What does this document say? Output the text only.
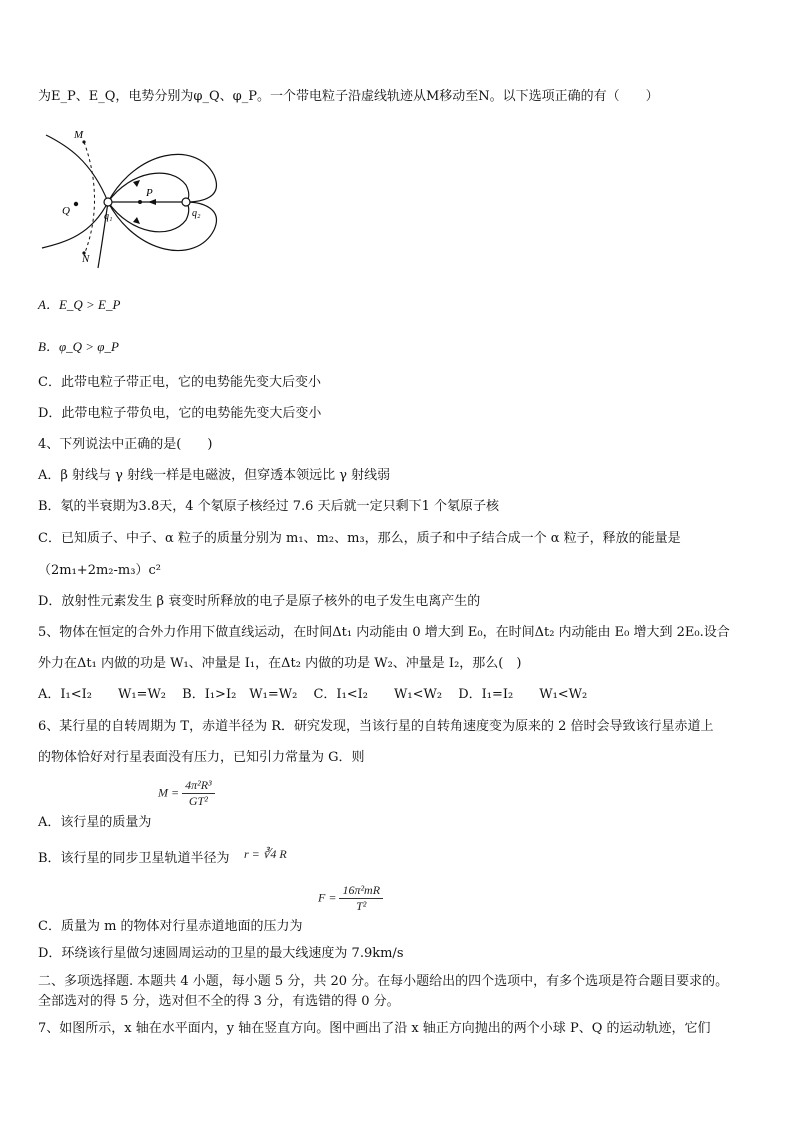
为E_P、E_Q，电势分别为φ_Q、φ_P。一个带电粒子沿虚线轨迹从M移动至N。以下选项正确的有（　　）
M
Q
P
N
q₁	q₂
A．E_Q > E_P
B．φ_Q > φ_P
C．此带电粒子带正电，它的电势能先变大后变小
D．此带电粒子带负电，它的电势能先变大后变小
4、下列说法中正确的是(　　)
A．β 射线与 γ 射线一样是电磁波，但穿透本领远比 γ 射线弱
B．氡的半衰期为3.8天，4 个氡原子核经过 7.6 天后就一定只剩下1 个氡原子核
C．已知质子、中子、α 粒子的质量分别为 m₁、m₂、m₃，那么，质子和中子结合成一个 α 粒子，释放的能量是
（2m₁+2m₂-m₃）c²
D．放射性元素发生 β 衰变时所释放的电子是原子核外的电子发生电离产生的
5、物体在恒定的合外力作用下做直线运动，在时间Δt₁ 内动能由 0 增大到 E₀，在时间Δt₂ 内动能由 E₀ 增大到 2E₀.设合
外力在Δt₁ 内做的功是 W₁、冲量是 I₁，在Δt₂ 内做的功是 W₂、冲量是 I₂，那么(　)
A．I₁<I₂　　W₁=W₂ B．I₁>I₂　W₁=W₂ C．I₁<I₂　　W₁<W₂ D．I₁=I₂　　W₁<W₂
6、某行星的自转周期为 T，赤道半径为 R．研究发现，当该行星的自转角速度变为原来的 2 倍时会导致该行星赤道上
的物体恰好对行星表面没有压力，已知引力常量为 G．则
$M = \frac{\text{4π²R³}}{\text{GT²}}$
A．该行星的质量为
B．该行星的同步卫星轨道半径为 r = ∛4 R
$F = \frac{\text{16π²mR}}{\text{T²}}$
C．质量为 m 的物体对行星赤道地面的压力为
D．环绕该行星做匀速圆周运动的卫星的最大线速度为 7.9km/s
二、多项选择题. 本题共 4 小题，每小题 5 分，共 20 分。在每小题给出的四个选项中，有多个选项是符合题目要求的。
全部选对的得 5 分，选对但不全的得 3 分，有选错的得 0 分。
7、如图所示，x 轴在水平面内，y 轴在竖直方向。图中画出了沿 x 轴正方向抛出的两个小球 P、Q 的运动轨迹，它们
